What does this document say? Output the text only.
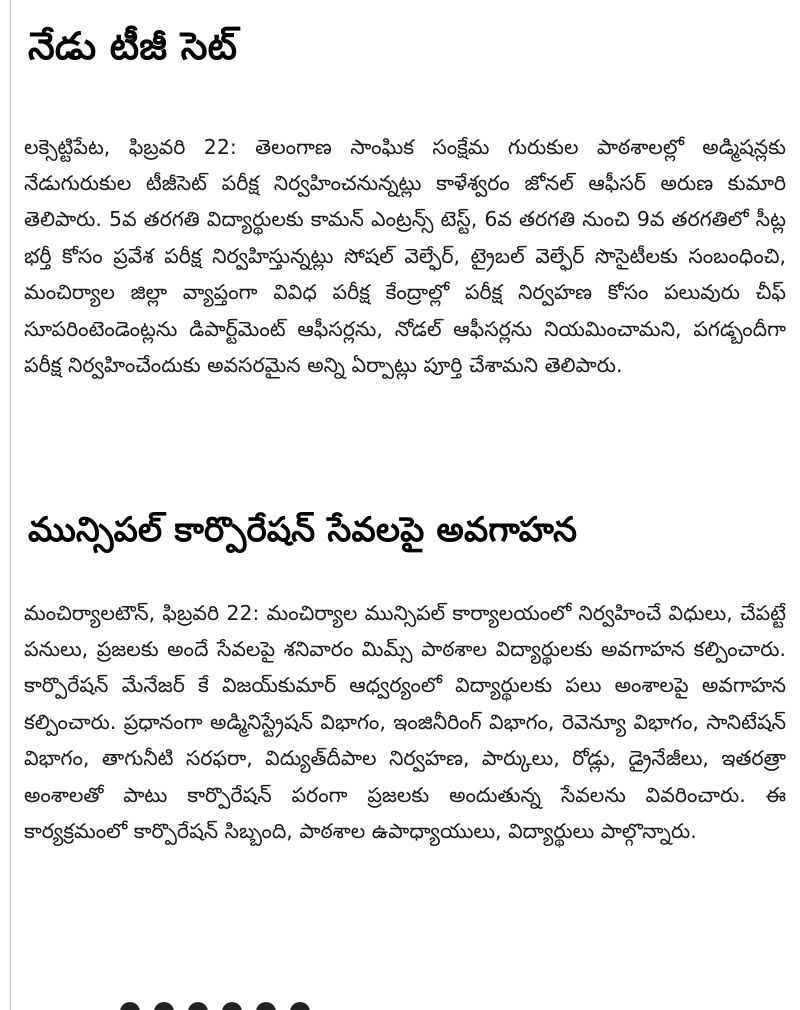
నేడు టీజీ సెట్

లక్సెట్టిపేట, ఫిబ్రవరి 22: తెలంగాణ సాంఘిక సంక్షేమ గురుకుల పాఠశాలల్లో అడ్మిషన్లకు నేడుగురుకుల టీజీసెట్ పరీక్ష నిర్వహించనున్నట్లు కాళేశ్వరం జోనల్ ఆఫీసర్ అరుణ కుమారి తెలిపారు. 5వ తరగతి విద్యార్థులకు కామన్ ఎంట్రన్స్ టెస్ట్, 6వ తరగతి నుంచి 9వ తరగతిలో సీట్ల భర్తీ కోసం ప్రవేశ పరీక్ష నిర్వహిస్తున్నట్లు సోషల్ వెల్ఫేర్, ట్రైబల్ వెల్ఫేర్ సొసైటీలకు సంబంధించి, మంచిర్యాల జిల్లా వ్యాప్తంగా వివిధ పరీక్ష కేంద్రాల్లో పరీక్ష నిర్వహణ కోసం పలువురు చీఫ్ సూపరింటెండెంట్లను డిపార్ట్‌మెంట్ ఆఫీసర్లను, నోడల్ ఆఫీసర్లను నియమించామని, పగడ్బందీగా పరీక్ష నిర్వహించేందుకు అవసరమైన అన్ని ఏర్పాట్లు పూర్తి చేశామని తెలిపారు.

మున్సిపల్ కార్పొరేషన్ సేవలపై అవగాహన

మంచిర్యాలటౌన్, ఫిబ్రవరి 22: మంచిర్యాల మున్సిపల్ కార్యాలయంలో నిర్వహించే విధులు, చేపట్టే పనులు, ప్రజలకు అందే సేవలపై శనివారం మిమ్స్ పాఠశాల విద్యార్థులకు అవగాహన కల్పించారు. కార్పొరేషన్ మేనేజర్ కే విజయ్‌కుమార్ ఆధ్వర్యంలో విద్యార్థులకు పలు అంశాలపై అవగాహన కల్పించారు. ప్రధానంగా అడ్మినిస్ట్రేషన్ విభాగం, ఇంజినీరింగ్ విభాగం, రెవెన్యూ విభాగం, సానిటేషన్ విభాగం, తాగునీటి సరఫరా, విద్యుత్‌దీపాల నిర్వహణ, పార్కులు, రోడ్లు, డ్రైనేజీలు, ఇతరత్రా అంశాలతో పాటు కార్పొరేషన్ పరంగా ప్రజలకు అందుతున్న సేవలను వివరించారు. ఈ కార్యక్రమంలో కార్పొరేషన్ సిబ్బంది, పాఠశాల ఉపాధ్యాయులు, విద్యార్థులు పాల్గొన్నారు.
